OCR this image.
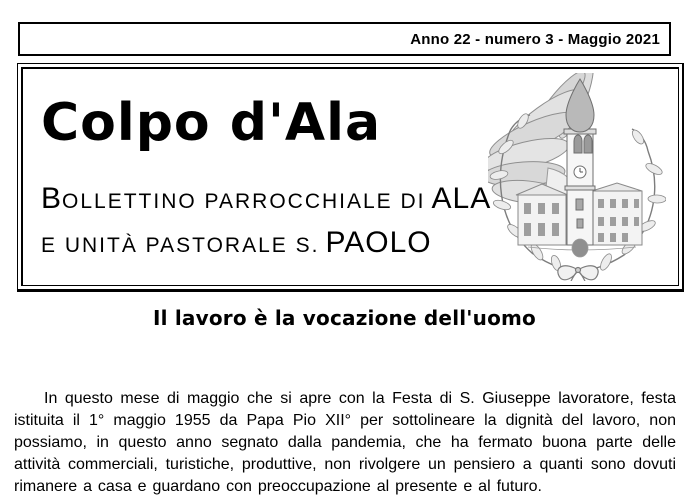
Anno 22 - numero 3 - Maggio 2021
Colpo d'Ala
B OLLETTINO PARROCCHIALE DI ALA
E UNITÀ PASTORALE S. PAOLO
Il lavoro è la vocazione dell'uomo

In questo mese di maggio che si apre con la Festa di S. Giuseppe lavoratore, festa istituita il 1° maggio 1955 da Papa Pio XII° per sottolineare la dignità del lavoro, non possiamo, in questo anno segnato dalla pandemia, che ha fermato buona parte delle attività commerciali, turistiche, produttive, non rivolgere un pensiero a quanti sono dovuti rimanere a casa e guardano con preoccupazione al presente e al futuro.
